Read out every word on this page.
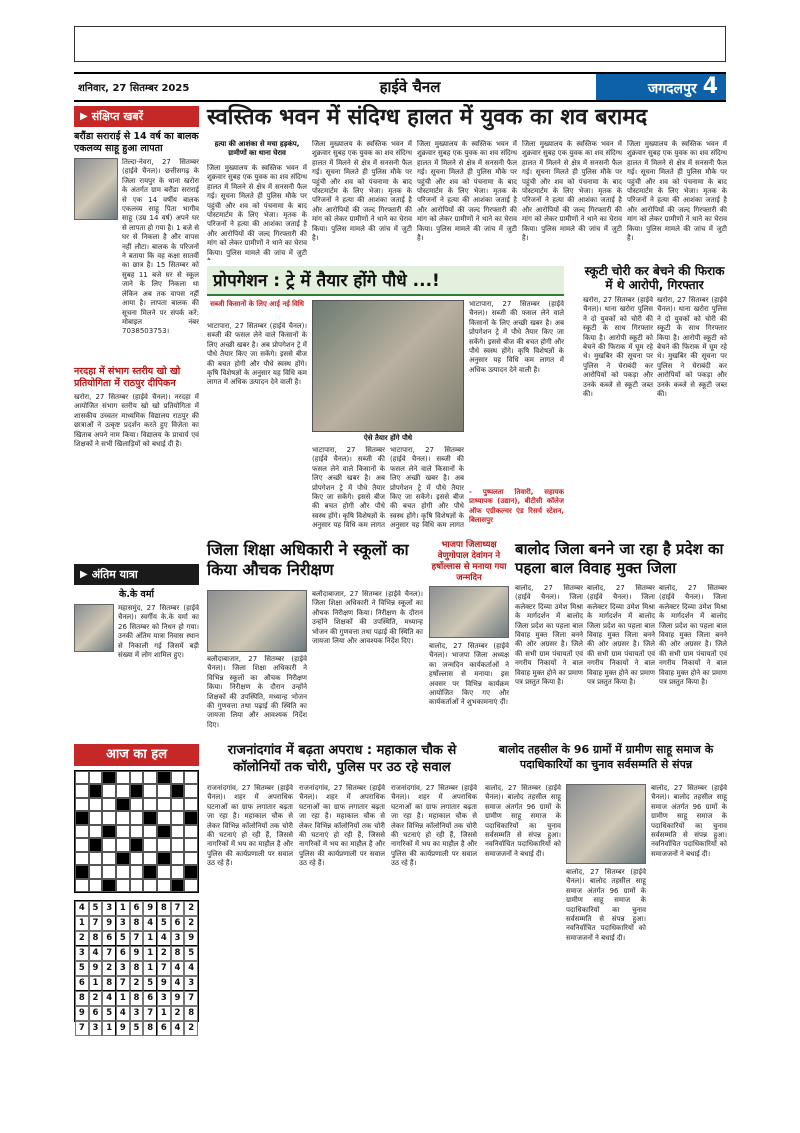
शनिवार, 27 सितम्बर 2025	हाईवे चैनल	जगदलपुर 4
▶ संक्षिप्त खबरें
बरौंडा सराराई से 14 वर्ष का बालक एकलव्य साहू हुआ लापता
तिल्दा-नेवरा, 27 सितम्बर (हाईवे चैनल)। छत्तीसगढ़ के जिला रायपुर के थाना खरोरा के अंतर्गत ग्राम बरौंडा सराराई से एक 14 वर्षीय बालक एकलव्य साहू पिता भागीव साहू (उम्र 14 वर्ष) अपने घर से लापता हो गया है। 1 बजे से घर से निकला है और वापस नहीं लौटा। बालक के परिजनों ने बताया कि वह कक्षा सातवीं का छात्र है। 15 सितम्बर को सुबह 11 बजे घर से स्कूल जाने के लिए निकला था लेकिन अब तक वापस नहीं आया है। लापता बालक की सूचना मिलने पर संपर्क करें: मोबाइल नंबर 7038503753।
नरदहा में संभाग स्तरीय खो खो प्रतियोगिता में राठपुर दीपिकन
खरोरा, 27 सितम्बर (हाईवे चैनल)। नरदहा में आयोजित संभाग स्तरीय खो खो प्रतियोगिता में शासकीय उच्चतर माध्यमिक विद्यालय राठपुर की छात्राओं ने उत्कृष्ट प्रदर्शन करते हुए विजेता का खिताब अपने नाम किया। विद्यालय के प्राचार्य एवं शिक्षकों ने सभी खिलाड़ियों को बधाई दी है।
▶ अंतिम यात्रा
के.के वर्मा
महासमुंद, 27 सितम्बर (हाईवे चैनल)। स्वर्गीय के.के वर्मा का 26 सितम्बर को निधन हो गया। उनकी अंतिम यात्रा निवास स्थान से निकाली गई जिसमें बड़ी संख्या में लोग शामिल हुए।
आज का हल
4 5 3 1 6 9 8 7 2
1 7 9 3 8 4 5 6 2
2 8 6 5 7 1 4 3 9
3 4 7 6 9 1 2 8 5
5 9 2 3 8 1 7 4 4
6 1 8 7 2 5 9 4 3
8 2 4 1 8 6 3 9 7
9 6 5 4 3 7 1 2 8
7 3 1 9 5 8 6 4 2
स्वस्तिक भवन में संदिग्ध हालत में युवक का शव बरामद
हत्या की आशंका से मचा हड़कंप, ग्रामीणों का थाना घेराव
जिला मुख्यालय के स्वस्तिक भवन में शुक्रवार सुबह एक युवक का शव संदिग्ध हालत में मिलने से क्षेत्र में सनसनी फैल गई। सूचना मिलते ही पुलिस मौके पर पहुंची और शव को पंचनामा के बाद पोस्टमार्टम के लिए भेजा। मृतक के परिजनों ने हत्या की आशंका जताई है और आरोपियों की जल्द गिरफ्तारी की मांग को लेकर ग्रामीणों ने थाने का घेराव किया। पुलिस मामले की जांच में जुटी
जिला मुख्यालय के स्वस्तिक भवन में शुक्रवार सुबह एक युवक का शव संदिग्ध हालत में मिलने से क्षेत्र में सनसनी फैल गई। सूचना मिलते ही पुलिस मौके पर पहुंची और शव को पंचनामा के बाद पोस्टमार्टम के लिए भेजा। मृतक के परिजनों ने हत्या की आशंका जताई है और आरोपियों की जल्द गिरफ्तारी की मांग को लेकर ग्रामीणों ने थाने का घेराव किया। पुलिस मामले की जांच में जुटी है।
जिला मुख्यालय के स्वस्तिक भवन में शुक्रवार सुबह एक युवक का शव संदिग्ध हालत में मिलने से क्षेत्र में सनसनी फैल गई। सूचना मिलते ही पुलिस मौके पर पहुंची और शव को पंचनामा के बाद पोस्टमार्टम के लिए भेजा। मृतक के परिजनों ने हत्या की आशंका जताई है और आरोपियों की जल्द गिरफ्तारी की मांग को लेकर ग्रामीणों ने थाने का घेराव किया। पुलिस मामले की जांच में जुटी है।
जिला मुख्यालय के स्वस्तिक भवन में शुक्रवार सुबह एक युवक का शव संदिग्ध हालत में मिलने से क्षेत्र में सनसनी फैल गई। सूचना मिलते ही पुलिस मौके पर पहुंची और शव को पंचनामा के बाद पोस्टमार्टम के लिए भेजा। मृतक के परिजनों ने हत्या की आशंका जताई है और आरोपियों की जल्द गिरफ्तारी की मांग को लेकर ग्रामीणों ने थाने का घेराव किया। पुलिस मामले की जांच में जुटी है।
जिला मुख्यालय के स्वस्तिक भवन में शुक्रवार सुबह एक युवक का शव संदिग्ध हालत में मिलने से क्षेत्र में सनसनी फैल गई। सूचना मिलते ही पुलिस मौके पर पहुंची और शव को पंचनामा के बाद पोस्टमार्टम के लिए भेजा। मृतक के परिजनों ने हत्या की आशंका जताई है और आरोपियों की जल्द गिरफ्तारी की मांग को लेकर ग्रामीणों ने थाने का घेराव किया। पुलिस मामले की जांच में जुटी है।
प्रोपगेशन : ट्रे में तैयार होंगे पौधे ...!
सब्जी किसानों के लिए आई नई विधि
भाटापारा, 27 सितम्बर (हाईवे चैनल)। सब्जी की फसल लेने वाले किसानों के लिए अच्छी खबर है। अब प्रोपगेशन ट्रे में पौधे तैयार किए जा सकेंगे। इससे बीज की बचत होगी और पौधे स्वस्थ होंगे। कृषि विशेषज्ञों के अनुसार यह विधि कम लागत में अधिक उत्पादन देने वाली है।
ऐसे तैयार होंगे पौधे
भाटापारा, 27 सितम्बर (हाईवे चैनल)। सब्जी की फसल लेने वाले किसानों के लिए अच्छी खबर है। अब प्रोपगेशन ट्रे में पौधे तैयार किए जा सकेंगे। इससे बीज की बचत होगी और पौधे स्वस्थ होंगे। कृषि विशेषज्ञों के अनुसार यह विधि कम लागत
भाटापारा, 27 सितम्बर (हाईवे चैनल)। सब्जी की फसल लेने वाले किसानों के लिए अच्छी खबर है। अब प्रोपगेशन ट्रे में पौधे तैयार किए जा सकेंगे। इससे बीज की बचत होगी और पौधे स्वस्थ होंगे। कृषि विशेषज्ञों के अनुसार यह विधि कम लागत
भाटापारा, 27 सितम्बर (हाईवे चैनल)। सब्जी की फसल लेने वाले किसानों के लिए अच्छी खबर है। अब प्रोपगेशन ट्रे में पौधे तैयार किए जा सकेंगे। इससे बीज की बचत होगी और पौधे स्वस्थ होंगे। कृषि विशेषज्ञों के अनुसार यह विधि कम लागत में अधिक उत्पादन देने वाली है।
- पुष्पलता तिवारी, सहायक प्राध्यापक (उद्यान), बीटीसी कॉलेज ऑफ एग्रीकल्चर एंड रिसर्च स्टेशन, बिलासपुर
स्कूटी चोरी कर बेचने की फिराक में थे आरोपी, गिरफ्तार
खरोरा, 27 सितम्बर (हाईवे चैनल)। थाना खरोरा पुलिस ने दो युवकों को चोरी की स्कूटी के साथ गिरफ्तार किया है। आरोपी स्कूटी को बेचने की फिराक में घूम रहे थे। मुखबिर की सूचना पर पुलिस ने घेराबंदी कर आरोपियों को पकड़ा और उनके कब्जे से स्कूटी जब्त की।
खरोरा, 27 सितम्बर (हाईवे चैनल)। थाना खरोरा पुलिस ने दो युवकों को चोरी की स्कूटी के साथ गिरफ्तार किया है। आरोपी स्कूटी को बेचने की फिराक में घूम रहे थे। मुखबिर की सूचना पर पुलिस ने घेराबंदी कर आरोपियों को पकड़ा और उनके कब्जे से स्कूटी जब्त की।
जिला शिक्षा अधिकारी ने स्कूलों का किया औचक निरीक्षण
बलौदाबाजार, 27 सितम्बर (हाईवे चैनल)। जिला शिक्षा अधिकारी ने विभिन्न स्कूलों का औचक निरीक्षण किया। निरीक्षण के दौरान उन्होंने शिक्षकों की उपस्थिति, मध्यान्ह भोजन की गुणवत्ता तथा पढ़ाई की स्थिति का जायजा लिया और आवश्यक निर्देश दिए।
बलौदाबाजार, 27 सितम्बर (हाईवे चैनल)। जिला शिक्षा अधिकारी ने विभिन्न स्कूलों का औचक निरीक्षण किया। निरीक्षण के दौरान उन्होंने शिक्षकों की उपस्थिति, मध्यान्ह भोजन की गुणवत्ता तथा पढ़ाई की स्थिति का जायजा लिया और आवश्यक निर्देश दिए।
भाजपा जिलाध्यक्ष वेणुगोपाल देवांगन ने हर्षोल्लास से मनाया गया जन्मदिन
बालोद, 27 सितम्बर (हाईवे चैनल)। भाजपा जिला अध्यक्ष का जन्मदिन कार्यकर्ताओं ने हर्षोल्लास से मनाया। इस अवसर पर विभिन्न कार्यक्रम आयोजित किए गए और कार्यकर्ताओं ने शुभकामनाएं दीं।
बालोद जिला बनने जा रहा है प्रदेश का पहला बाल विवाह मुक्त जिला
बालोद, 27 सितम्बर (हाईवे चैनल)। जिला कलेक्टर दिव्या उमेश मिश्रा के मार्गदर्शन में बालोद जिला प्रदेश का पहला बाल विवाह मुक्त जिला बनने की ओर अग्रसर है। जिले की सभी ग्राम पंचायतों एवं नगरीय निकायों ने बाल विवाह मुक्त होने का प्रमाण पत्र प्रस्तुत किया है।
बालोद, 27 सितम्बर (हाईवे चैनल)। जिला कलेक्टर दिव्या उमेश मिश्रा के मार्गदर्शन में बालोद जिला प्रदेश का पहला बाल विवाह मुक्त जिला बनने की ओर अग्रसर है। जिले की सभी ग्राम पंचायतों एवं नगरीय निकायों ने बाल विवाह मुक्त होने का प्रमाण पत्र प्रस्तुत किया है।
बालोद, 27 सितम्बर (हाईवे चैनल)। जिला कलेक्टर दिव्या उमेश मिश्रा के मार्गदर्शन में बालोद जिला प्रदेश का पहला बाल विवाह मुक्त जिला बनने की ओर अग्रसर है। जिले की सभी ग्राम पंचायतों एवं नगरीय निकायों ने बाल विवाह मुक्त होने का प्रमाण पत्र प्रस्तुत किया है।
राजनांदगांव में बढ़ता अपराध : महाकाल चौक से कॉलोनियों तक चोरी, पुलिस पर उठ रहे सवाल
राजनांदगांव, 27 सितम्बर (हाईवे चैनल)। शहर में अपराधिक घटनाओं का ग्राफ लगातार बढ़ता जा रहा है। महाकाल चौक से लेकर विभिन्न कॉलोनियों तक चोरी की घटनाएं हो रही हैं, जिससे नागरिकों में भय का माहौल है और पुलिस की कार्यप्रणाली पर सवाल उठ रहे हैं।
राजनांदगांव, 27 सितम्बर (हाईवे चैनल)। शहर में अपराधिक घटनाओं का ग्राफ लगातार बढ़ता जा रहा है। महाकाल चौक से लेकर विभिन्न कॉलोनियों तक चोरी की घटनाएं हो रही हैं, जिससे नागरिकों में भय का माहौल है और पुलिस की कार्यप्रणाली पर सवाल उठ रहे हैं।
राजनांदगांव, 27 सितम्बर (हाईवे चैनल)। शहर में अपराधिक घटनाओं का ग्राफ लगातार बढ़ता जा रहा है। महाकाल चौक से लेकर विभिन्न कॉलोनियों तक चोरी की घटनाएं हो रही हैं, जिससे नागरिकों में भय का माहौल है और पुलिस की कार्यप्रणाली पर सवाल उठ रहे हैं।
बालोद तहसील के 96 ग्रामों में ग्रामीण साहू समाज के पदाधिकारियों का चुनाव सर्वसम्मति से संपन्न
बालोद, 27 सितम्बर (हाईवे चैनल)। बालोद तहसील साहू समाज अंतर्गत 96 ग्रामों के ग्रामीण साहू समाज के पदाधिकारियों का चुनाव सर्वसम्मति से संपन्न हुआ। नवनिर्वाचित पदाधिकारियों को समाजजनों ने बधाई दी।
बालोद, 27 सितम्बर (हाईवे चैनल)। बालोद तहसील साहू समाज अंतर्गत 96 ग्रामों के ग्रामीण साहू समाज के पदाधिकारियों का चुनाव सर्वसम्मति से संपन्न हुआ। नवनिर्वाचित पदाधिकारियों को समाजजनों ने बधाई दी।
बालोद, 27 सितम्बर (हाईवे चैनल)। बालोद तहसील साहू समाज अंतर्गत 96 ग्रामों के ग्रामीण साहू समाज के पदाधिकारियों का चुनाव सर्वसम्मति से संपन्न हुआ। नवनिर्वाचित पदाधिकारियों को समाजजनों ने बधाई दी।
